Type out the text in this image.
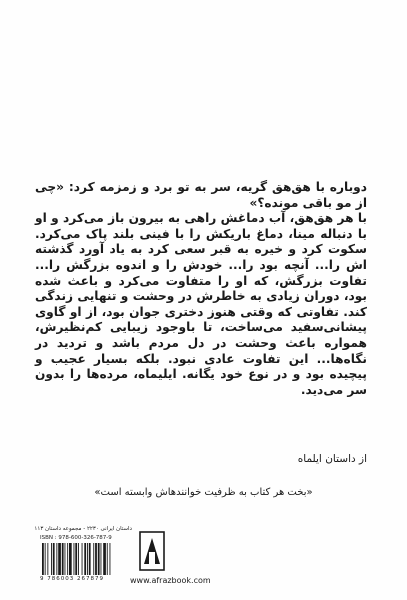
دوباره با هق‌هق گریه، سر به تو برد و زمزمه کرد: «چی از مو باقی مونده؟»

با هر هق‌هق، آب دماغش راهی به بیرون باز می‌کرد و او با دنباله مینا، دماغ باریکش را با فینی بلند پاک می‌کرد. سکوت کرد و خیره به قبر سعی کرد به یاد آورد گذشته اش را... آنچه بود را... خودش را و اندوه بزرگش را... تفاوت بزرگش، که او را متفاوت می‌کرد و باعث شده بود، دوران زیادی به خاطرش در وحشت و تنهایی زندگی کند. تفاوتی که وقتی هنوز دختری جوان بود، از او گاوی پیشانی‌سفید می‌ساخت، تا باوجود زیبایی کم‌نظیرش، همواره باعث وحشت در دل مردم باشد و تردید در نگاه‌ها... این تفاوت عادی نبود. بلکه بسیار عجیب و پیچیده بود و در نوع خود یگانه. ایلیماه، مرده‌ها را بدون سر می‌دید.

از داستان ایلماه
«بخت هر کتاب به ظرفیت خوانندهاش وابسته است»
داستان ایرانی ۲۲۳۰ - مجموعه داستان ۱۱۳
ISBN : 978-600-326-787-9
9 786003 267879	www.afrazbook.com
